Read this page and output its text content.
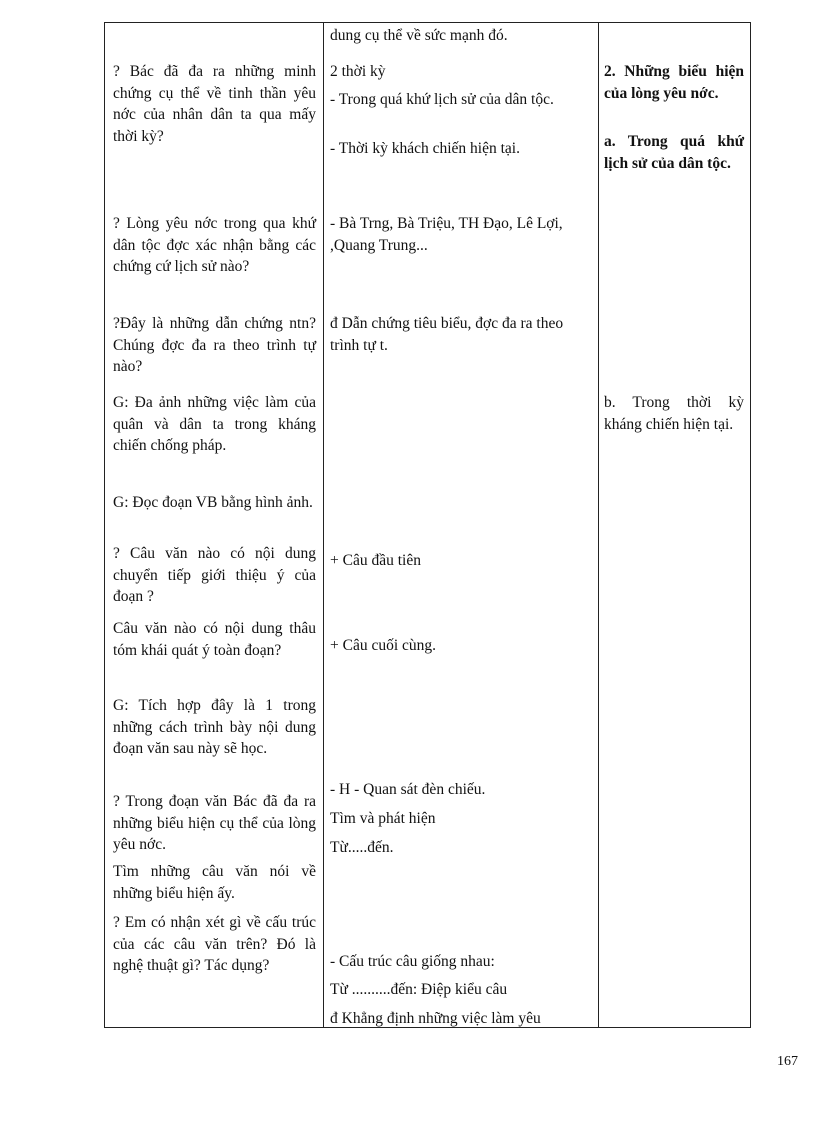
? Bác đã đa ra những minh chứng cụ thể về tinh thần yêu nớc của nhân dân ta qua mấy thời kỳ?

? Lòng yêu nớc trong qua khứ dân tộc đợc xác nhận bằng các chứng cứ lịch sử nào?

?Đây là những dẫn chứng ntn? Chúng đợc đa ra theo trình tự nào?

G: Đa ảnh những việc làm của quân và dân ta trong kháng chiến chống pháp.

G: Đọc đoạn VB bằng hình ảnh.

? Câu văn nào có nội dung chuyển tiếp giới thiệu ý của đoạn ?

Câu văn nào có nội dung thâu tóm khái quát ý toàn đoạn?

G: Tích hợp đây là 1 trong những cách trình bày nội dung đoạn văn sau này sẽ học.

? Trong đoạn văn Bác đã đa ra những biểu hiện cụ thể của lòng yêu nớc.

Tìm những câu văn nói về những biểu hiện ấy.

? Em có nhận xét gì về cấu trúc của các câu văn trên? Đó là nghệ thuật gì? Tác dụng?

dung cụ thể về sức mạnh đó.

2 thời kỳ

- Trong quá khứ lịch sử của dân tộc.

- Thời kỳ khách chiến hiện tại.

- Bà Trng, Bà Triệu, TH Đạo, Lê Lợi, ,Quang Trung...

đ Dẫn chứng tiêu biểu, đợc đa ra theo trình tự t.

+ Câu đầu tiên

+ Câu cuối cùng.

- H - Quan sát đèn chiếu.

Tìm và phát hiện

Từ.....đến.

- Cấu trúc câu giống nhau:

Từ ..........đến: Điệp kiểu câu

đ Khẳng định những việc làm yêu

2. Những biểu hiện của lòng yêu nớc.

a. Trong quá khứ lịch sử của dân tộc.

b. Trong thời kỳ kháng chiến hiện tại.

167
